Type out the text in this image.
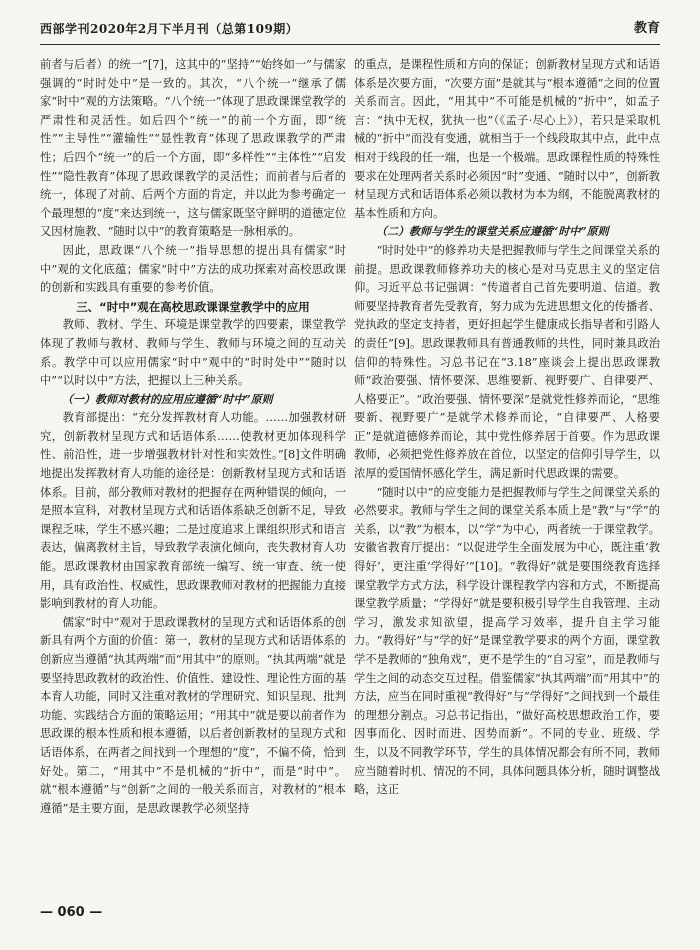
西部学刊2020年2月下半月刊（总第109期）	教育

前者与后者）的统一”[7]，这其中的“坚持”“始终如一”与儒家强调的“时时处中”是一致的。其次，“八个统一”继承了儒家“时中”观的方法策略。“八个统一”体现了思政课课堂教学的严肃性和灵活性。如后四个“统一”的前一个方面，即“统性”“主导性”“灌输性”“显性教育”体现了思政课教学的严肃性；后四个“统一”的后一个方面，即“多样性”“主体性”“启发性”“隐性教育”体现了思政课教学的灵活性；而前者与后者的统一，体现了对前、后两个方面的肯定，并以此为参考确定一个最理想的“度”来达到统一，这与儒家既坚守鲜明的道德定位又因材施教、“随时以中”的教育策略是一脉相承的。

因此，思政课“八个统一”指导思想的提出具有儒家“时中”观的文化底蕴；儒家“时中”方法的成功探索对高校思政课的创新和实践具有重要的参考价值。

三、“时中”观在高校思政课课堂教学中的应用

教师、教材、学生、环境是课堂教学的四要素，课堂教学体现了教师与教材、教师与学生、教师与环境之间的互动关系。教学中可以应用儒家“时中”观中的“时时处中”“随时以中”“以时以中”方法，把握以上三种关系。

（一）教师对教材的应用应遵循“时中”原则

教育部提出：“充分发挥教材育人功能。……加强教材研究，创新教材呈现方式和话语体系……使教材更加体现科学性、前沿性，进一步增强教材针对性和实效性。”[8]文件明确地提出发挥教材育人功能的途径是：创新教材呈现方式和话语体系。目前，部分教师对教材的把握存在两种错误的倾向，一是照本宣科，对教材呈现方式和话语体系缺乏创新不足，导致课程乏味，学生不感兴趣；二是过度追求上课组织形式和语言表达，偏离教材主旨，导致教学表演化倾向，丧失教材育人功能。思政课教材由国家教育部统一编写、统一审查、统一使用，具有政治性、权威性，思政课教师对教材的把握能力直接影响到教材的育人功能。

儒家“时中”观对于思政课教材的呈现方式和话语体系的创新具有两个方面的价值：第一，教材的呈现方式和话语体系的创新应当遵循“执其两端”而“用其中”的原则。“执其两端”就是要坚持思政教材的政治性、价值性、建设性、理论性方面的基本育人功能，同时又注重对教材的学理研究、知识呈现、批判功能、实践结合方面的策略运用；“用其中”就是要以前者作为思政课的根本性质和根本遵循，以后者创新教材的呈现方式和话语体系，在两者之间找到一个理想的“度”，不偏不倚，恰到好处。第二，“用其中”不是机械的“折中”，而是“时中”。就“根本遵循”与“创新”之间的一般关系而言，对教材的“根本遵循”是主要方面，是思政课教学必须坚持

的重点，是课程性质和方向的保证；创新教材呈现方式和话语体系是次要方面，“次要方面”是就其与“根本遵循”之间的位置关系而言。因此，“用其中”不可能是机械的“折中”，如孟子言：“执中无权，犹执一也”（《孟子·尽心上》），若只是采取机械的“折中”而没有变通，就相当于一个线段取其中点，此中点相对于线段的任一端，也是一个极端。思政课程性质的特殊性要求在处理两者关系时必须因“时”变通、“随时以中”，创新教材呈现方式和话语体系必须以教材为本为纲，不能脱离教材的基本性质和方向。

（二）教师与学生的课堂关系应遵循“时中”原则

“时时处中”的修养功夫是把握教师与学生之间课堂关系的前提。思政课教师修养功夫的核心是对马克思主义的坚定信仰。习近平总书记强调：“传道者自己首先要明道、信道。教师要坚持教育者先受教育，努力成为先进思想文化的传播者、党执政的坚定支持者，更好担起学生健康成长指导者和引路人的责任”[9]。思政课教师具有普通教师的共性，同时兼具政治信仰的特殊性。习总书记在“3.18”座谈会上提出思政课教师“政治要强、情怀要深、思维要新、视野要广、自律要严、人格要正”。“政治要强、情怀要深”是就党性修养而论，“思维要新、视野要广”是就学术修养而论，“自律要严、人格要正”是就道德修养而论，其中党性修养居于首要。作为思政课教师，必须把党性修养放在首位，以坚定的信仰引导学生，以浓厚的爱国情怀感化学生，满足新时代思政课的需要。

“随时以中”的应变能力是把握教师与学生之间课堂关系的必然要求。教师与学生之间的课堂关系本质上是“教”与“学”的关系，以“教”为根本，以“学”为中心，两者统一于课堂教学。安徽省教育厅提出：“以促进学生全面发展为中心，既注重‘教得好’，更注重‘学得好’”[10]。“教得好”就是要围绕教育选择课堂教学方式方法，科学设计课程教学内容和方式，不断提高课堂教学质量；“学得好”就是要积极引导学生自我管理、主动学习，激发求知欲望，提高学习效率，提升自主学习能力。“教得好”与“学的好”是课堂教学要求的两个方面，课堂教学不是教师的“独角戏”，更不是学生的“自习室”，而是教师与学生之间的动态交互过程。借鉴儒家“执其两端”而“用其中”的方法，应当在同时重视“教得好”与“学得好”之间找到一个最佳的理想分割点。习总书记指出，“做好高校思想政治工作，要因事而化、因时而进、因势而新”。不同的专业、班级、学生，以及不同教学环节，学生的具体情况都会有所不同，教师应当随着时机、情况的不同，具体问题具体分析，随时调整战略，这正

◎
— 060 —
